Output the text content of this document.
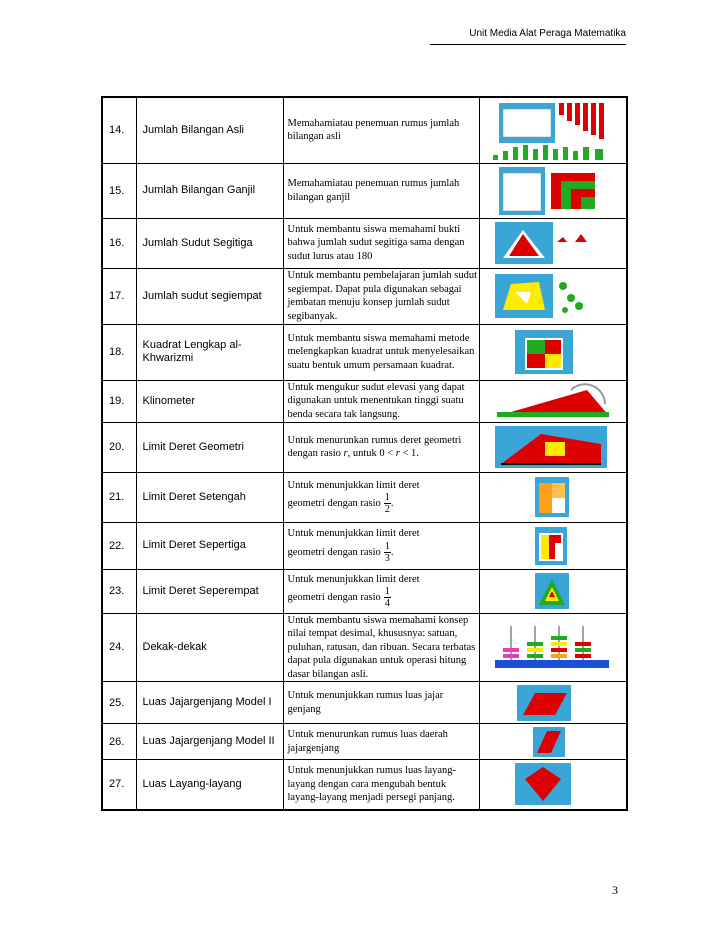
Unit Media Alat Peraga Matematika
14.	Jumlah Bilangan Asli	Memahamiatau penemuan rumus jumlah bilangan asli	

15.	Jumlah Bilangan Ganjil	Memahamiatau penemuan rumus jumlah bilangan ganjil	

16.	Jumlah Sudut Segitiga	Untuk membantu siswa memahami bukti bahwa jumlah sudut segitiga sama dengan sudut lurus atau 180	

17.	Jumlah sudut segiempat	Untuk membantu pembelajaran jumlah sudut segiempat. Dapat pula digunakan sebagai jembatan menuju konsep jumlah sudut segibanyak.	

18.	Kuadrat Lengkap al-Khwarizmi	Untuk membantu siswa memahami metode melengkapkan kuadrat untuk menyelesaikan suatu bentuk umum persamaan kuadrat.	

19.	Klinometer	Untuk mengukur sudut elevasi yang dapat digunakan untuk menentukan tinggi suatu benda secara tak langsung.	

20.	Limit Deret Geometri	Untuk menurunkan rumus deret geometri dengan rasio r, untuk 0 < r < 1.	

21.	Limit Deret Setengah	Untuk menunjukkan limit deret
geometri dengan rasio $\frac{1}{2}$ .

22.	Limit Deret Sepertiga	Untuk menunjukkan limit deret
geometri dengan rasio $\frac{1}{3}$ .

23.	Limit Deret Seperempat	Untuk menunjukkan limit deret
geometri dengan rasio $\frac{1}{4}$

24.	Dekak-dekak	Untuk membantu siswa memahami konsep nilai tempat desimal, khususnya: satuan, puluhan, ratusan, dan ribuan. Secara terbatas dapat pula digunakan untuk operasi hitung dasar bilangan asli.	

25.	Luas Jajargenjang Model I	Untuk menunjukkan rumus luas jajar genjang	

26.	Luas Jajargenjang Model II	Untuk menurunkan rumus luas daerah jajargenjang	

27.	Luas Layang-layang	Untuk menunjukkan rumus luas layang-layang dengan cara mengubah bentuk layang-layang menjadi persegi panjang.	
3
